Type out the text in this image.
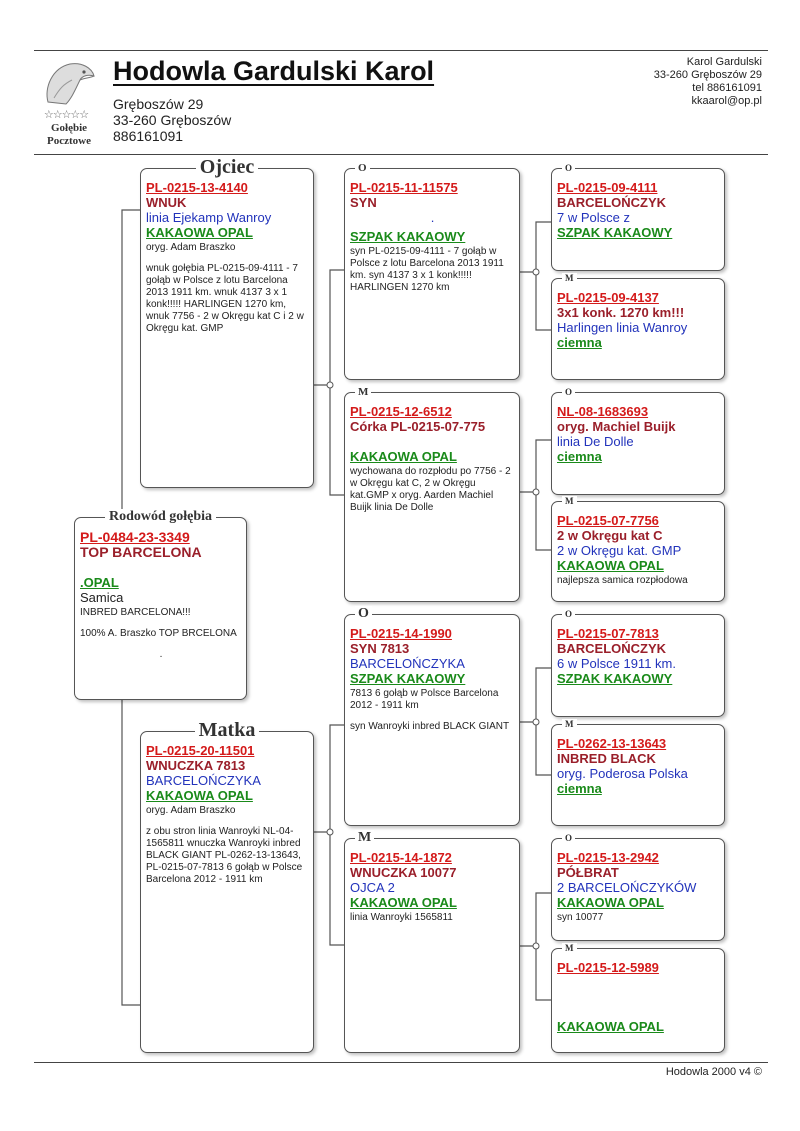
☆☆☆☆☆
Gołębie
Pocztowe
Hodowla Gardulski Karol
Gręboszów 29
33-260 Gręboszów
886161091
Karol Gardulski
33-260 Gręboszów 29
tel 886161091
kkaarol@op.pl
Rodowód gołębia
PL-0484-23-3349
TOP BARCELONA
.OPAL
Samica

INBRED BARCELONA!!!

100% A. Braszko TOP BRCELONA

.

Ojciec
PL-0215-13-4140
WNUK
linia Ejekamp Wanroy
KAKAOWA OPAL

oryg. Adam Braszko

wnuk gołębia PL-0215-09-4111 - 7 gołąb w Polsce z lotu Barcelona 2013 1911 km. wnuk 4137 3 x 1 konk!!!!! HARLINGEN 1270 km, wnuk 7756 - 2 w Okręgu kat C i 2 w Okręgu kat. GMP

Matka
PL-0215-20-11501
WNUCZKA 7813
BARCELOŃCZYKA
KAKAOWA OPAL

oryg. Adam Braszko

z obu stron linia Wanroyki NL-04-1565811 wnuczka Wanroyki inbred BLACK GIANT PL-0262-13-13643, PL-0215-07-7813 6 gołąb w Polsce Barcelona 2012 - 1911 km

O
PL-0215-11-11575
SYN
.
SZPAK KAKAOWY

syn PL-0215-09-4111 - 7 gołąb w Polsce z lotu Barcelona 2013 1911 km. syn 4137 3 x 1 konk!!!!! HARLINGEN 1270 km

M
PL-0215-12-6512
Córka PL-0215-07-775
KAKAOWA OPAL

wychowana do rozpłodu po 7756 - 2 w Okręgu kat C, 2 w Okręgu kat.GMP x oryg. Aarden Machiel Buijk linia De Dolle

O
PL-0215-14-1990
SYN 7813
BARCELOŃCZYKA
SZPAK KAKAOWY

7813 6 gołąb w Polsce Barcelona 2012 - 1911 km

syn Wanroyki inbred BLACK GIANT

M
PL-0215-14-1872
WNUCZKA 10077
OJCA 2
KAKAOWA OPAL

linia Wanroyki 1565811

O
PL-0215-09-4111
BARCELOŃCZYK
7 w Polsce z
SZPAK KAKAOWY
M
PL-0215-09-4137
3x1 konk. 1270 km!!!
Harlingen linia Wanroy
ciemna
O
NL-08-1683693
oryg. Machiel Buijk
linia De Dolle
ciemna
M
PL-0215-07-7756
2 w Okręgu kat C
2 w Okręgu kat. GMP
KAKAOWA OPAL
najlepsza samica rozpłodowa
O
PL-0215-07-7813
BARCELOŃCZYK
6 w Polsce 1911 km.
SZPAK KAKAOWY
M
PL-0262-13-13643
INBRED BLACK
oryg. Poderosa Polska
ciemna
O
PL-0215-13-2942
PÓŁBRAT
2 BARCELOŃCZYKÓW
KAKAOWA OPAL
syn 10077
M
PL-0215-12-5989
KAKAOWA OPAL
Hodowla 2000 v4 ©
